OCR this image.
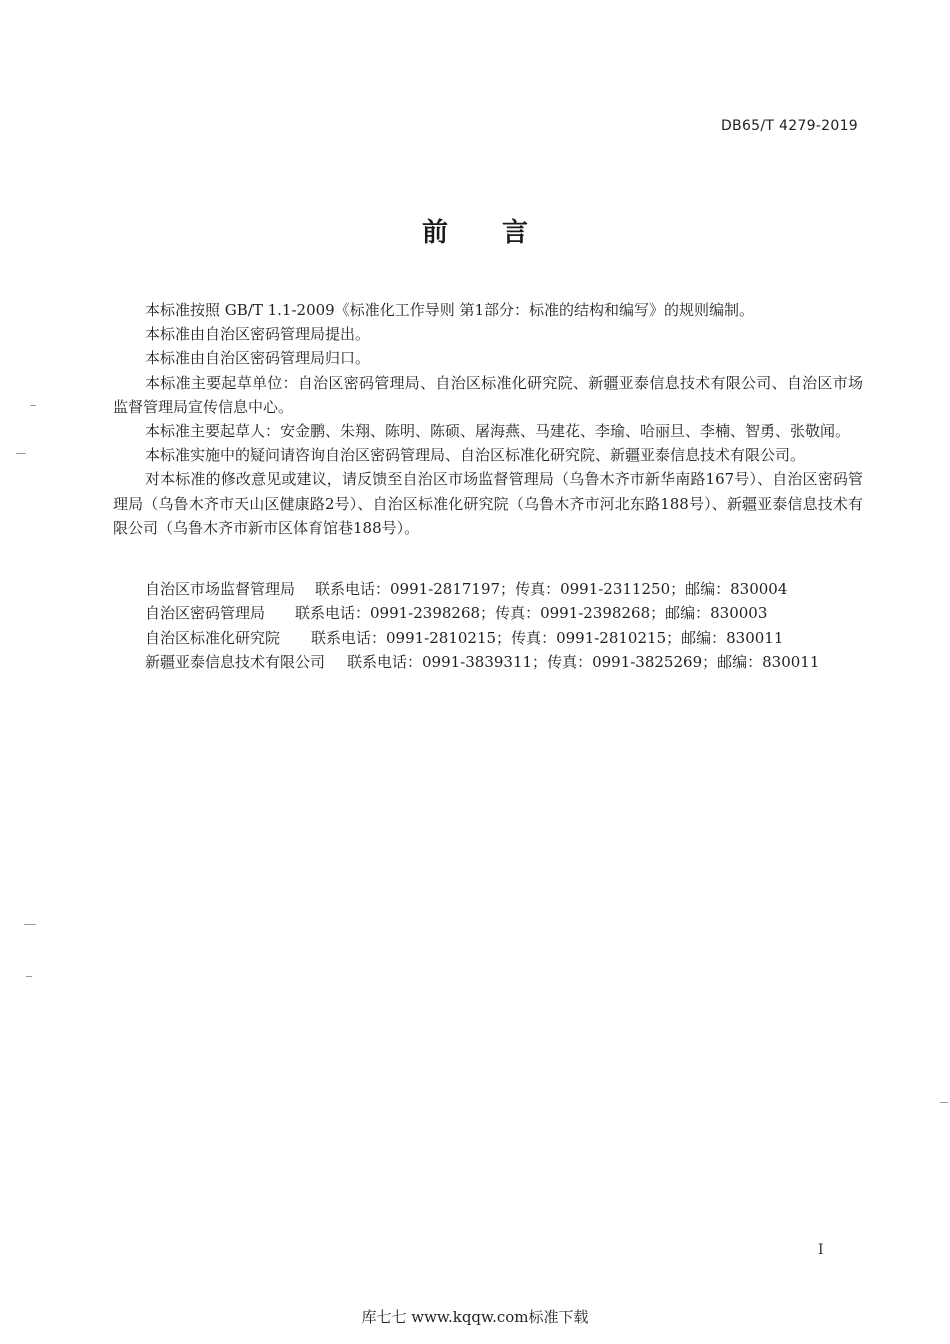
DB65/T 4279-2019
前言

本标准按照 GB/T 1.1-2009《标准化工作导则 第1部分：标准的结构和编写》的规则编制。

本标准由自治区密码管理局提出。

本标准由自治区密码管理局归口。

本标准主要起草单位：自治区密码管理局、自治区标准化研究院、新疆亚泰信息技术有限公司、自治区市场监督管理局宣传信息中心。

本标准主要起草人：安金鹏、朱翔、陈明、陈硕、屠海燕、马建花、李瑜、哈丽旦、李楠、智勇、张敬闻。

本标准实施中的疑问请咨询自治区密码管理局、自治区标准化研究院、新疆亚泰信息技术有限公司。

对本标准的修改意见或建议，请反馈至自治区市场监督管理局（乌鲁木齐市新华南路167号）、自治区密码管理局（乌鲁木齐市天山区健康路2号）、自治区标准化研究院（乌鲁木齐市河北东路188号）、新疆亚泰信息技术有限公司（乌鲁木齐市新市区体育馆巷188号）。

自治区市场监督管理局 联系电话：0991-2817197；传真：0991-2311250；邮编：830004
自治区密码管理局 联系电话：0991-2398268；传真：0991-2398268；邮编：830003
自治区标准化研究院 联系电话：0991-2810215；传真：0991-2810215；邮编：830011
新疆亚泰信息技术有限公司 联系电话：0991-3839311；传真：0991-3825269；邮编：830011
I
库七七 www.kqqw.com标准下载
